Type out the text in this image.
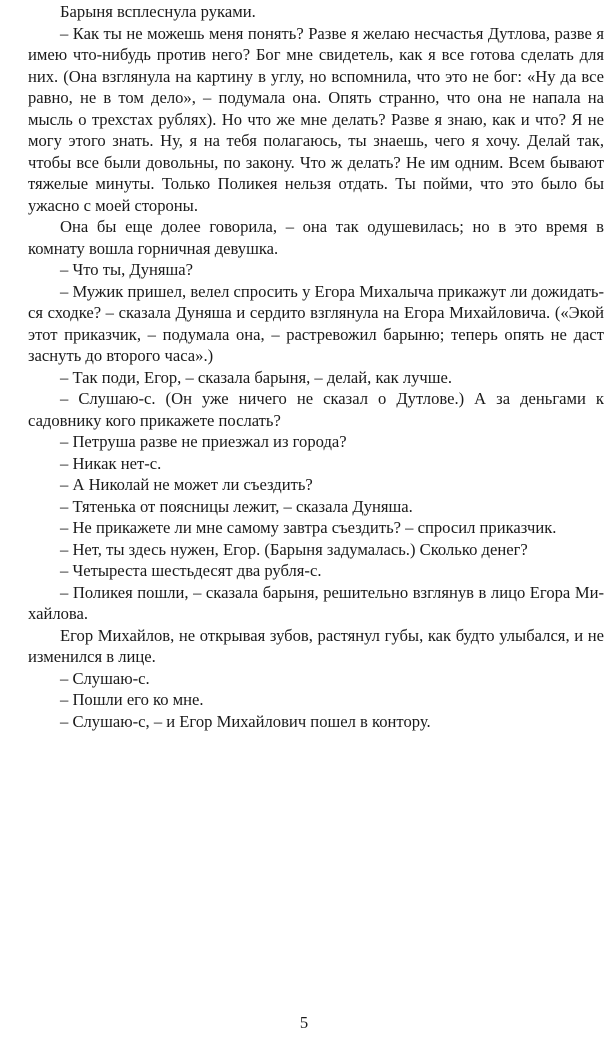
Барыня всплеснула руками.

– Как ты не можешь меня понять? Разве я желаю несчастья Дутлова, разве я имею что-нибудь против него? Бог мне свидетель, как я все готова сделать для них. (Она взглянула на картину в углу, но вспомнила, что это не бог: «Ну да все равно, не в том дело», – подумала она. Опять странно, что она не напала на мысль о трехстах рублях). Но что же мне делать? Разве я знаю, как и что? Я не могу этого знать. Ну, я на тебя полагаюсь, ты знаешь, чего я хочу. Делай так, чтобы все были довольны, по закону. Что ж делать? Не им одним. Всем бывают тяжелые минуты. Только Поликея нельзя отдать. Ты пойми, что это было бы ужасно с моей стороны.

Она бы еще долее говорила, – она так одушевилась; но в это время в комнату вошла горничная девушка.

– Что ты, Дуняша?

– Мужик пришел, велел спросить у Егора Михалыча прикажут ли дожидать-ся сходке? – сказала Дуняша и сердито взглянула на Егора Михайловича. («Экой этот приказчик, – подумала она, – растревожил барыню; теперь опять не даст заснуть до второго часа».)

– Так поди, Егор, – сказала барыня, – делай, как лучше.

– Слушаю-с. (Он уже ничего не сказал о Дутлове.) А за деньгами к садовнику кого прикажете послать?

– Петруша разве не приезжал из города?

– Никак нет-с.

– А Николай не может ли съездить?

– Тятенька от поясницы лежит, – сказала Дуняша.

– Не прикажете ли мне самому завтра съездить? – спросил приказчик.

– Нет, ты здесь нужен, Егор. (Барыня задумалась.) Сколько денег?

– Четыреста шестьдесят два рубля-с.

– Поликея пошли, – сказала барыня, решительно взглянув в лицо Егора Ми-хайлова.

Егор Михайлов, не открывая зубов, растянул губы, как будто улыбался, и не изменился в лице.

– Слушаю-с.

– Пошли его ко мне.

– Слушаю-с, – и Егор Михайлович пошел в контору.

5
